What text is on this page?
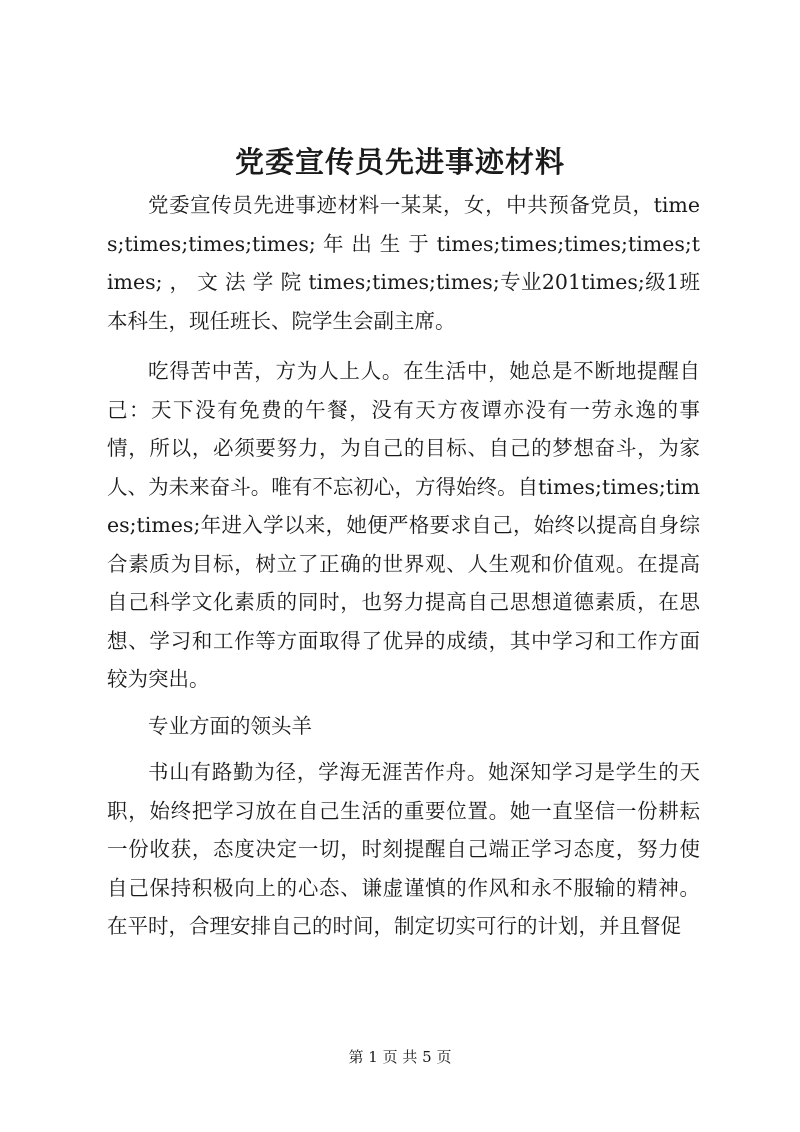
党委宣传员先进事迹材料

党委宣传员先进事迹材料一某某，女，中共预备党员，times;times;times;times; 年 出 生 于 times;times;times;times;times; ， 文 法 学 院 times;times;times;专业201times;级1班本科生，现任班长、院学生会副主席。

吃得苦中苦，方为人上人。在生活中，她总是不断地提醒自己：天下没有免费的午餐，没有天方夜谭亦没有一劳永逸的事情，所以，必须要努力，为自己的目标、自己的梦想奋斗，为家人、为未来奋斗。唯有不忘初心，方得始终。自times;times;times;times;年进入学以来，她便严格要求自己，始终以提高自身综合素质为目标，树立了正确的世界观、人生观和价值观。在提高自己科学文化素质的同时，也努力提高自己思想道德素质，在思想、学习和工作等方面取得了优异的成绩，其中学习和工作方面较为突出。

专业方面的领头羊

书山有路勤为径，学海无涯苦作舟。她深知学习是学生的天职，始终把学习放在自己生活的重要位置。她一直坚信一份耕耘一份收获，态度决定一切，时刻提醒自己端正学习态度，努力使自己保持积极向上的心态、谦虚谨慎的作风和永不服输的精神。在平时，合理安排自己的时间，制定切实可行的计划，并且督促

第 1 页 共 5 页
